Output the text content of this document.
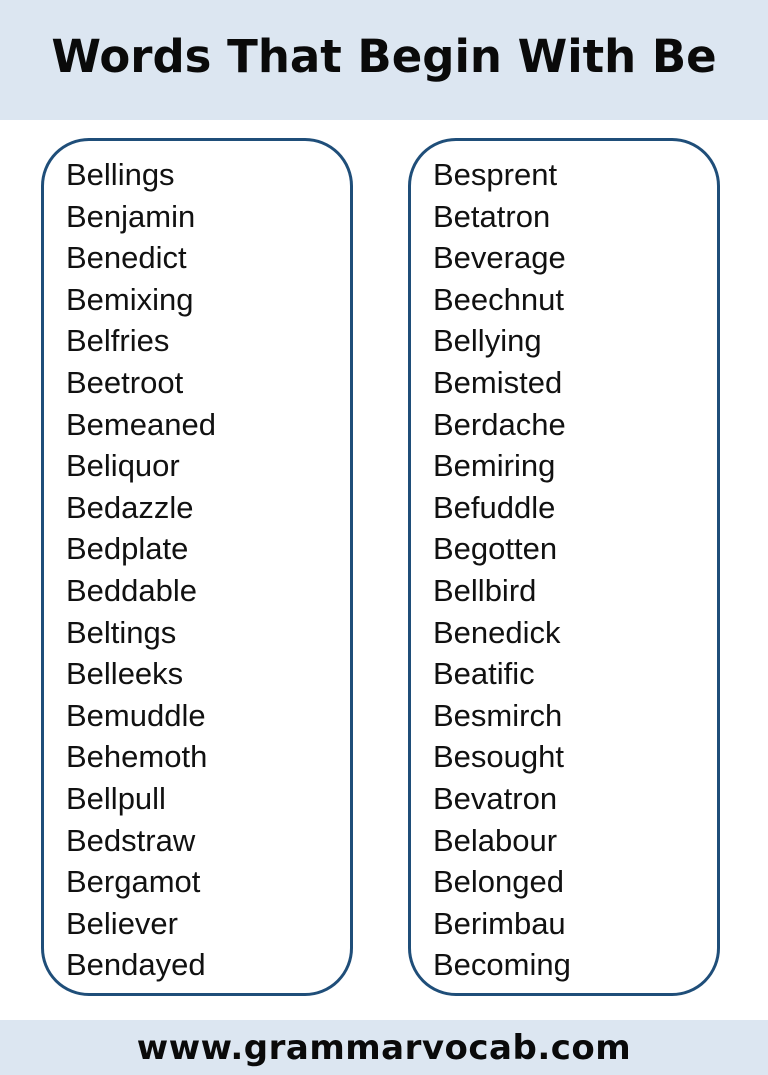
Words That Begin With Be
Bellings
Benjamin
Benedict
Bemixing
Belfries
Beetroot
Bemeaned
Beliquor
Bedazzle
Bedplate
Beddable
Beltings
Belleeks
Bemuddle
Behemoth
Bellpull
Bedstraw
Bergamot
Believer
Bendayed
Besprent
Betatron
Beverage
Beechnut
Bellying
Bemisted
Berdache
Bemiring
Befuddle
Begotten
Bellbird
Benedick
Beatific
Besmirch
Besought
Bevatron
Belabour
Belonged
Berimbau
Becoming
www.grammarvocab.com
